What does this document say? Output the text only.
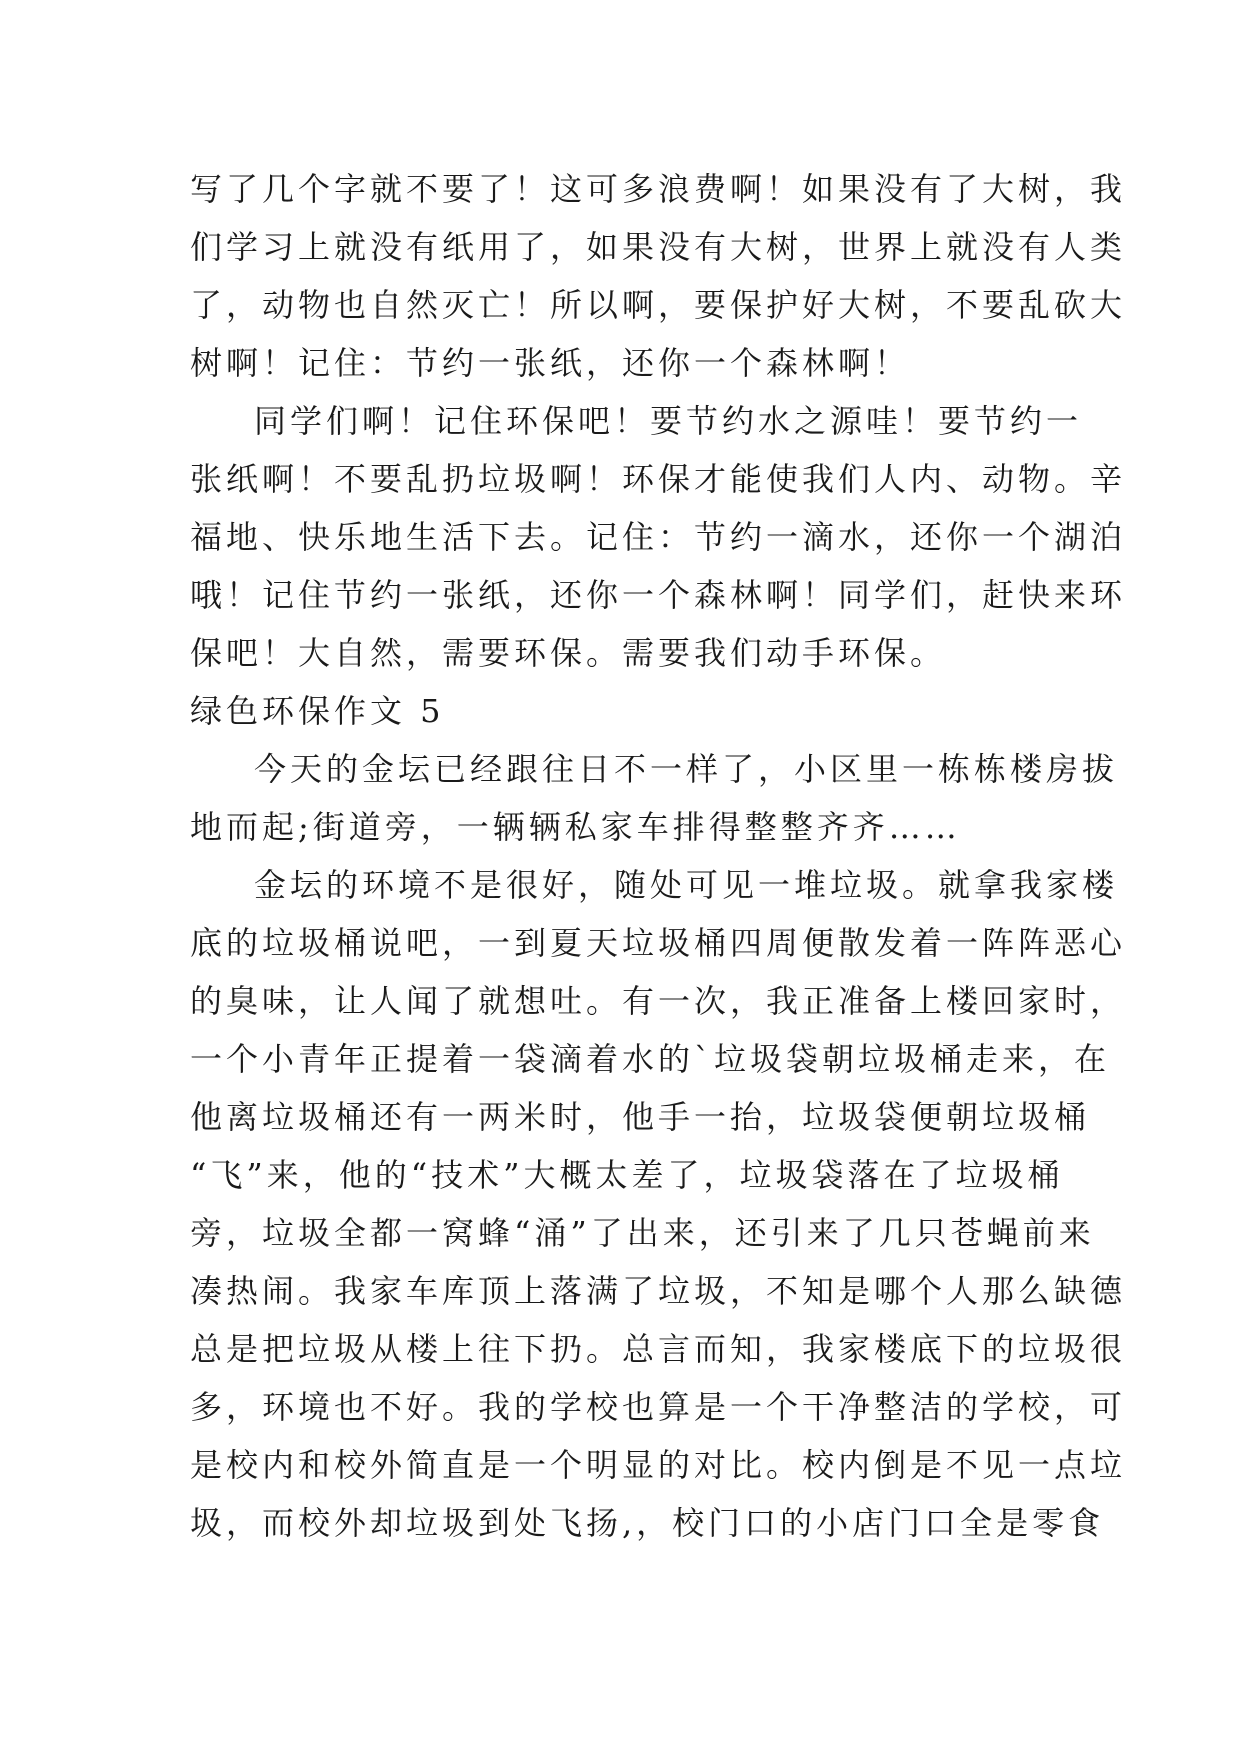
写了几个字就不要了！这可多浪费啊！如果没有了大树，我
们学习上就没有纸用了，如果没有大树，世界上就没有人类
了，动物也自然灭亡！所以啊，要保护好大树，不要乱砍大
树啊！记住：节约一张纸，还你一个森林啊！
同学们啊！记住环保吧！要节约水之源哇！要节约一
张纸啊！不要乱扔垃圾啊！环保才能使我们人内、动物。辛
福地、快乐地生活下去。记住：节约一滴水，还你一个湖泊
哦！记住节约一张纸，还你一个森林啊！同学们，赶快来环
保吧！大自然，需要环保。需要我们动手环保。
绿色环保作文 5
今天的金坛已经跟往日不一样了，小区里一栋栋楼房拔
地而起;街道旁，一辆辆私家车排得整整齐齐……
金坛的环境不是很好，随处可见一堆垃圾。就拿我家楼
底的垃圾桶说吧，一到夏天垃圾桶四周便散发着一阵阵恶心
的臭味，让人闻了就想吐。有一次，我正准备上楼回家时，
一个小青年正提着一袋滴着水的`垃圾袋朝垃圾桶走来，在
他离垃圾桶还有一两米时，他手一抬，垃圾袋便朝垃圾桶
“飞”来，他的“技术”大概太差了，垃圾袋落在了垃圾桶
旁，垃圾全都一窝蜂“涌”了出来，还引来了几只苍蝇前来
凑热闹。我家车库顶上落满了垃圾，不知是哪个人那么缺德
总是把垃圾从楼上往下扔。总言而知，我家楼底下的垃圾很
多，环境也不好。我的学校也算是一个干净整洁的学校，可
是校内和校外简直是一个明显的对比。校内倒是不见一点垃
圾，而校外却垃圾到处飞扬,，校门口的小店门口全是零食
